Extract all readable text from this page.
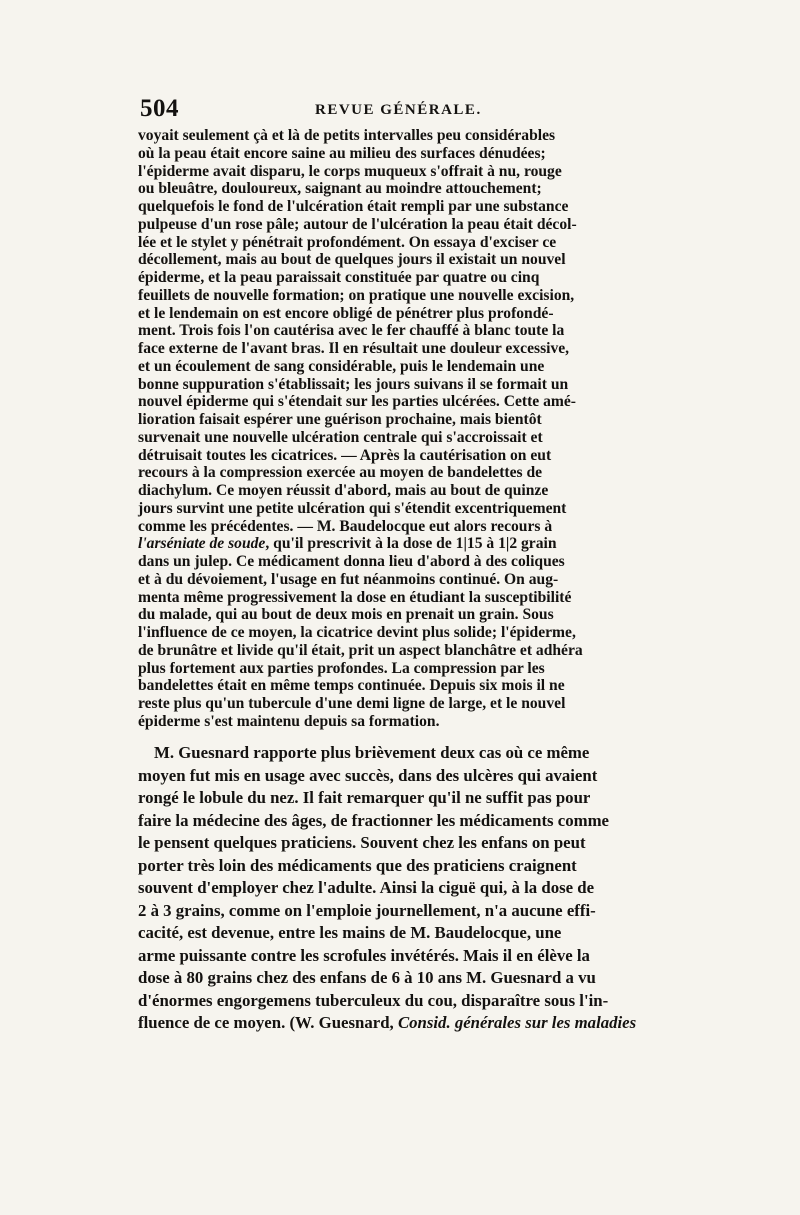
504	REVUE GÉNÉRALE.
voyait seulement çà et là de petits intervalles peu considérables
où la peau était encore saine au milieu des surfaces dénudées;
l'épiderme avait disparu, le corps muqueux s'offrait à nu, rouge
ou bleuâtre, douloureux, saignant au moindre attouchement;
quelquefois le fond de l'ulcération était rempli par une substance
pulpeuse d'un rose pâle; autour de l'ulcération la peau était décol-
lée et le stylet y pénétrait profondément. On essaya d'exciser ce
décollement, mais au bout de quelques jours il existait un nouvel
épiderme, et la peau paraissait constituée par quatre ou cinq
feuillets de nouvelle formation; on pratique une nouvelle excision,
et le lendemain on est encore obligé de pénétrer plus profondé-
ment. Trois fois l'on cautérisa avec le fer chauffé à blanc toute la
face externe de l'avant bras. Il en résultait une douleur excessive,
et un écoulement de sang considérable, puis le lendemain une
bonne suppuration s'établissait; les jours suivans il se formait un
nouvel épiderme qui s'étendait sur les parties ulcérées. Cette amé-
lioration faisait espérer une guérison prochaine, mais bientôt
survenait une nouvelle ulcération centrale qui s'accroissait et
détruisait toutes les cicatrices. — Après la cautérisation on eut
recours à la compression exercée au moyen de bandelettes de
diachylum. Ce moyen réussit d'abord, mais au bout de quinze
jours survint une petite ulcération qui s'étendit excentriquement
comme les précédentes. — M. Baudelocque eut alors recours à
l'arséniate de soude, qu'il prescrivit à la dose de 1|15 à 1|2 grain
dans un julep. Ce médicament donna lieu d'abord à des coliques
et à du dévoiement, l'usage en fut néanmoins continué. On aug-
menta même progressivement la dose en étudiant la susceptibilité
du malade, qui au bout de deux mois en prenait un grain. Sous
l'influence de ce moyen, la cicatrice devint plus solide; l'épiderme,
de brunâtre et livide qu'il était, prit un aspect blanchâtre et adhéra
plus fortement aux parties profondes. La compression par les
bandelettes était en même temps continuée. Depuis six mois il ne
reste plus qu'un tubercule d'une demi ligne de large, et le nouvel
épiderme s'est maintenu depuis sa formation.
M. Guesnard rapporte plus brièvement deux cas où ce même
moyen fut mis en usage avec succès, dans des ulcères qui avaient
rongé le lobule du nez. Il fait remarquer qu'il ne suffit pas pour
faire la médecine des âges, de fractionner les médicaments comme
le pensent quelques praticiens. Souvent chez les enfans on peut
porter très loin des médicaments que des praticiens craignent
souvent d'employer chez l'adulte. Ainsi la ciguë qui, à la dose de
2 à 3 grains, comme on l'emploie journellement, n'a aucune effi-
cacité, est devenue, entre les mains de M. Baudelocque, une
arme puissante contre les scrofules invétérés. Mais il en élève la
dose à 80 grains chez des enfans de 6 à 10 ans M. Guesnard a vu
d'énormes engorgemens tuberculeux du cou, disparaître sous l'in-
fluence de ce moyen. (W. Guesnard, Consid. générales sur les maladies
